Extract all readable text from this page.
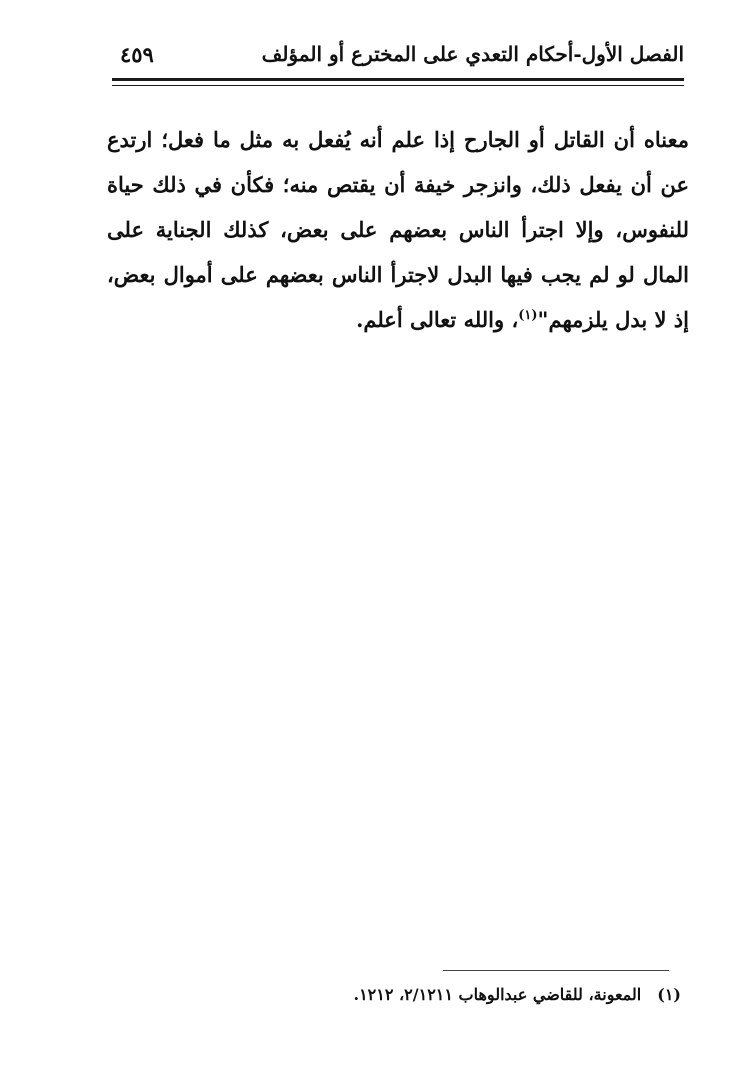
الفصل الأول-أحكام التعدي على المخترع أو المؤلف
٤٥٩

معناه أن القاتل أو الجارح إذا علم أنه يُفعل به مثل ما فعل؛ ارتدع عن أن يفعل ذلك، وانزجر خيفة أن يقتص منه؛ فكأن في ذلك حياة للنفوس، وإلا اجترأ الناس بعضهم على بعض، كذلك الجناية على المال لو لم يجب فيها البدل لاجترأ الناس بعضهم على أموال بعض، إذ لا بدل يلزمهم"$^{(١)}$، والله تعالى أعلم.

(١)المعونة، للقاضي عبدالوهاب ٢/١٢١١، ١٢١٢.
